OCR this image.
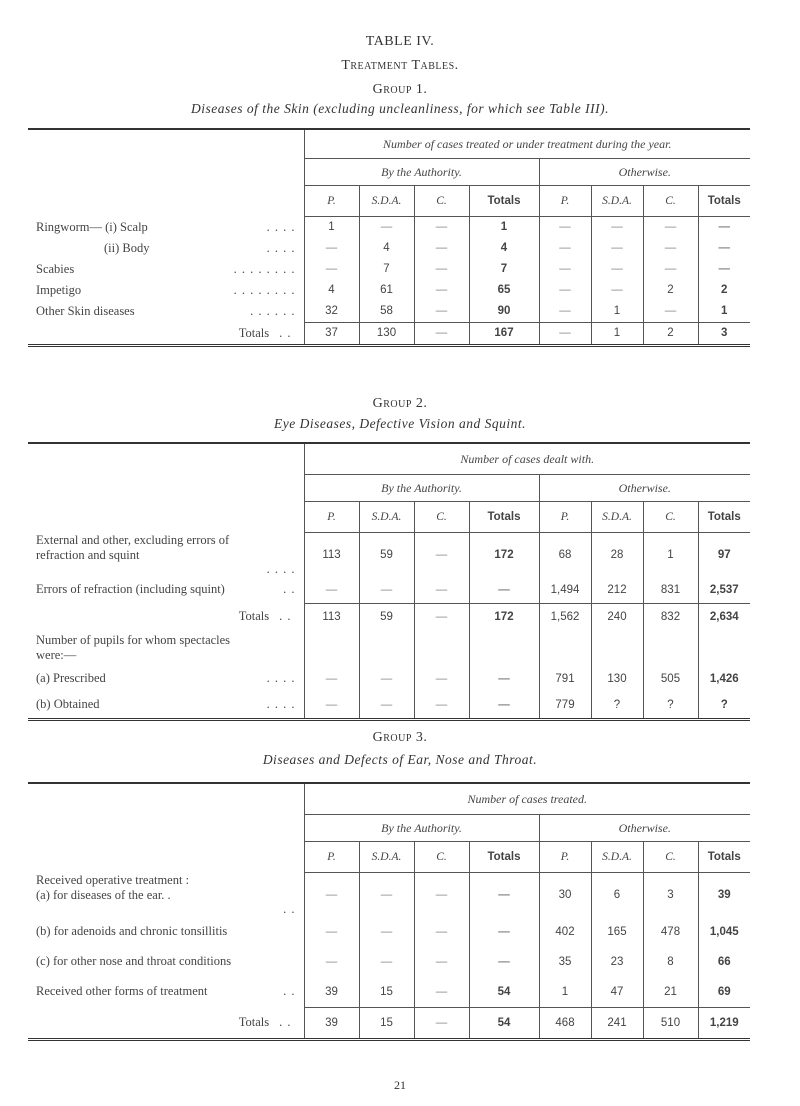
TABLE IV.
Treatment Tables.
Group 1.
Diseases of the Skin (excluding uncleanliness, for which see Table III).
	Number of cases treated or under treatment during the year.							
	By the Authority.				Otherwise.			
	P.	S.D.A.	C.	Totals	P.	S.D.A.	C.	Totals
Ringworm— (i) Scalp . . . .	1	—	—	1	—	—	—	—
(ii) Body . . . .	—	4	—	4	—	—	—	—
Scabies . . . . . . . .	—	7	—	7	—	—	—	—
Impetigo . . . . . . . .	4	61	—	65	—	—	2	2
Other Skin diseases . . . . . .	32	58	—	90	—	1	—	1
Totals . .	37	130	—	167	—	1	2	3
Group 2.
Eye Diseases, Defective Vision and Squint.
	Number of cases dealt with.							
	By the Authority.				Otherwise.			
	P.	S.D.A.	C.	Totals	P.	S.D.A.	C.	Totals
External and other, excluding errors of
refraction and squint
. . . .	113	59	—	172	68	28	1	97
Errors of refraction (including squint) . .	—	—	—	—	1,494	212	831	2,537
Totals . .	113	59	—	172	1,562	240	832	2,634
Number of pupils for whom spectacles
were:—								
(a) Prescribed . . . .	—	—	—	—	791	130	505	1,426
(b) Obtained . . . .	—	—	—	—	779	?	?	?
Group 3.
Diseases and Defects of Ear, Nose and Throat.
	Number of cases treated.							
	By the Authority.				Otherwise.			
	P.	S.D.A.	C.	Totals	P.	S.D.A.	C.	Totals
Received operative treatment :
(a) for diseases of the ear. .
. .	—	—	—	—	30	6	3	39
(b) for adenoids and chronic tonsillitis	—	—	—	—	402	165	478	1,045
(c) for other nose and throat conditions	—	—	—	—	35	23	8	66
Received other forms of treatment . .	39	15	—	54	1	47	21	69
Totals . .	39	15	—	54	468	241	510	1,219
21
